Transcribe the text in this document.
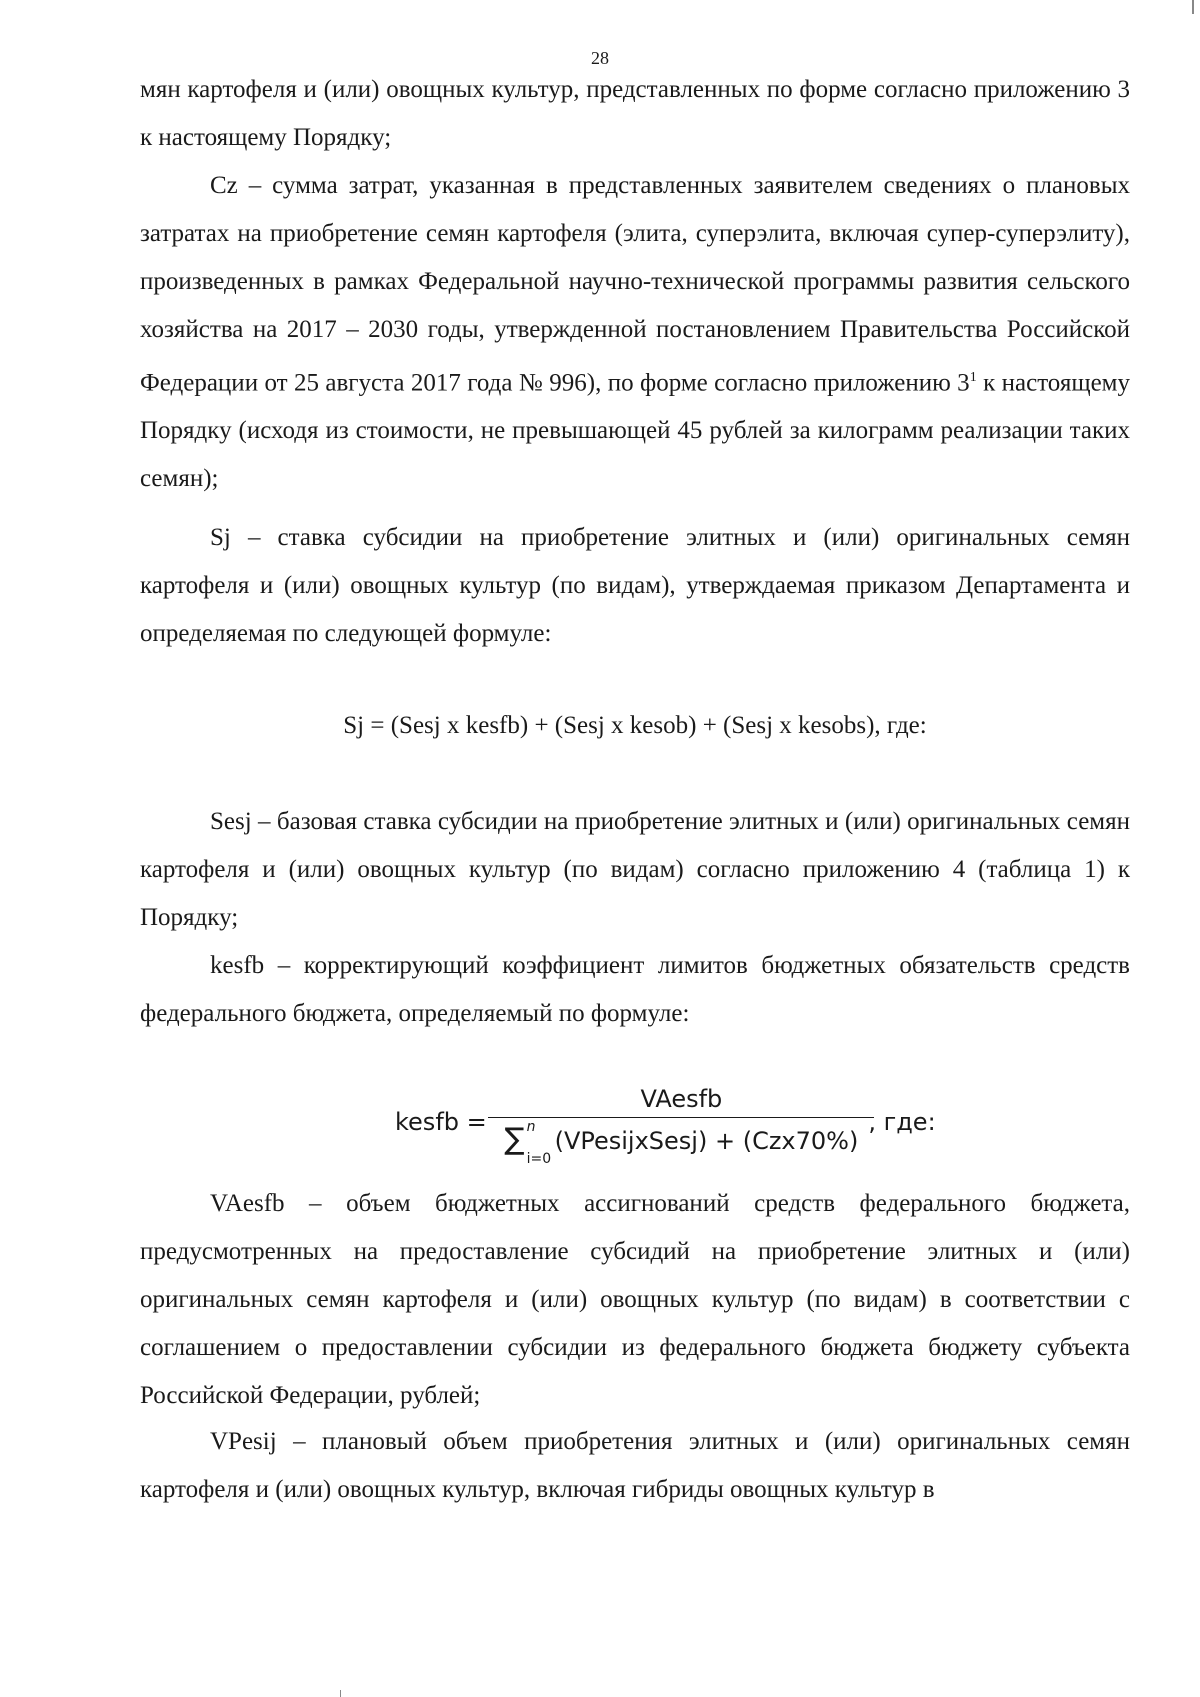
28

мян картофеля и (или) овощных культур, представленных по форме согласно приложению 3 к настоящему Порядку;

Cz – сумма затрат, указанная в представленных заявителем сведениях о плановых затратах на приобретение семян картофеля (элита, суперэлита, включая супер-суперэлиту), произведенных в рамках Федеральной научно-технической программы развития сельского хозяйства на 2017 – 2030 годы, утвержденной постановлением Правительства Российской Федерации от 25 августа 2017 года № 996), по форме согласно приложению $3^1$ к настоящему Порядку (исходя из стоимости, не превышающей 45 рублей за килограмм реализации таких семян);

Sj – ставка субсидии на приобретение элитных и (или) оригинальных семян картофеля и (или) овощных культур (по видам), утверждаемая приказом Департамента и определяемая по следующей формуле:

Sj = (Sesj x kesfb) + (Sesj x kesob) + (Sesj x kesobs), где:

Sesj – базовая ставка субсидии на приобретение элитных и (или) оригинальных семян картофеля и (или) овощных культур (по видам) согласно приложению 4 (таблица 1) к Порядку;

kesfb – корректирующий коэффициент лимитов бюджетных обязательств средств федерального бюджета, определяемый по формуле:

kesfb = VAesfb
∑ n
i=0
(VPesijxSesj) + (Czx70%) , где:

VAesfb – объем бюджетных ассигнований средств федерального бюджета, предусмотренных на предоставление субсидий на приобретение элитных и (или) оригинальных семян картофеля и (или) овощных культур (по видам) в соответствии с соглашением о предоставлении субсидии из федерального бюджета бюджету субъекта Российской Федерации, рублей;

VPesij – плановый объем приобретения элитных и (или) оригинальных семян картофеля и (или) овощных культур, включая гибриды овощных культур в
